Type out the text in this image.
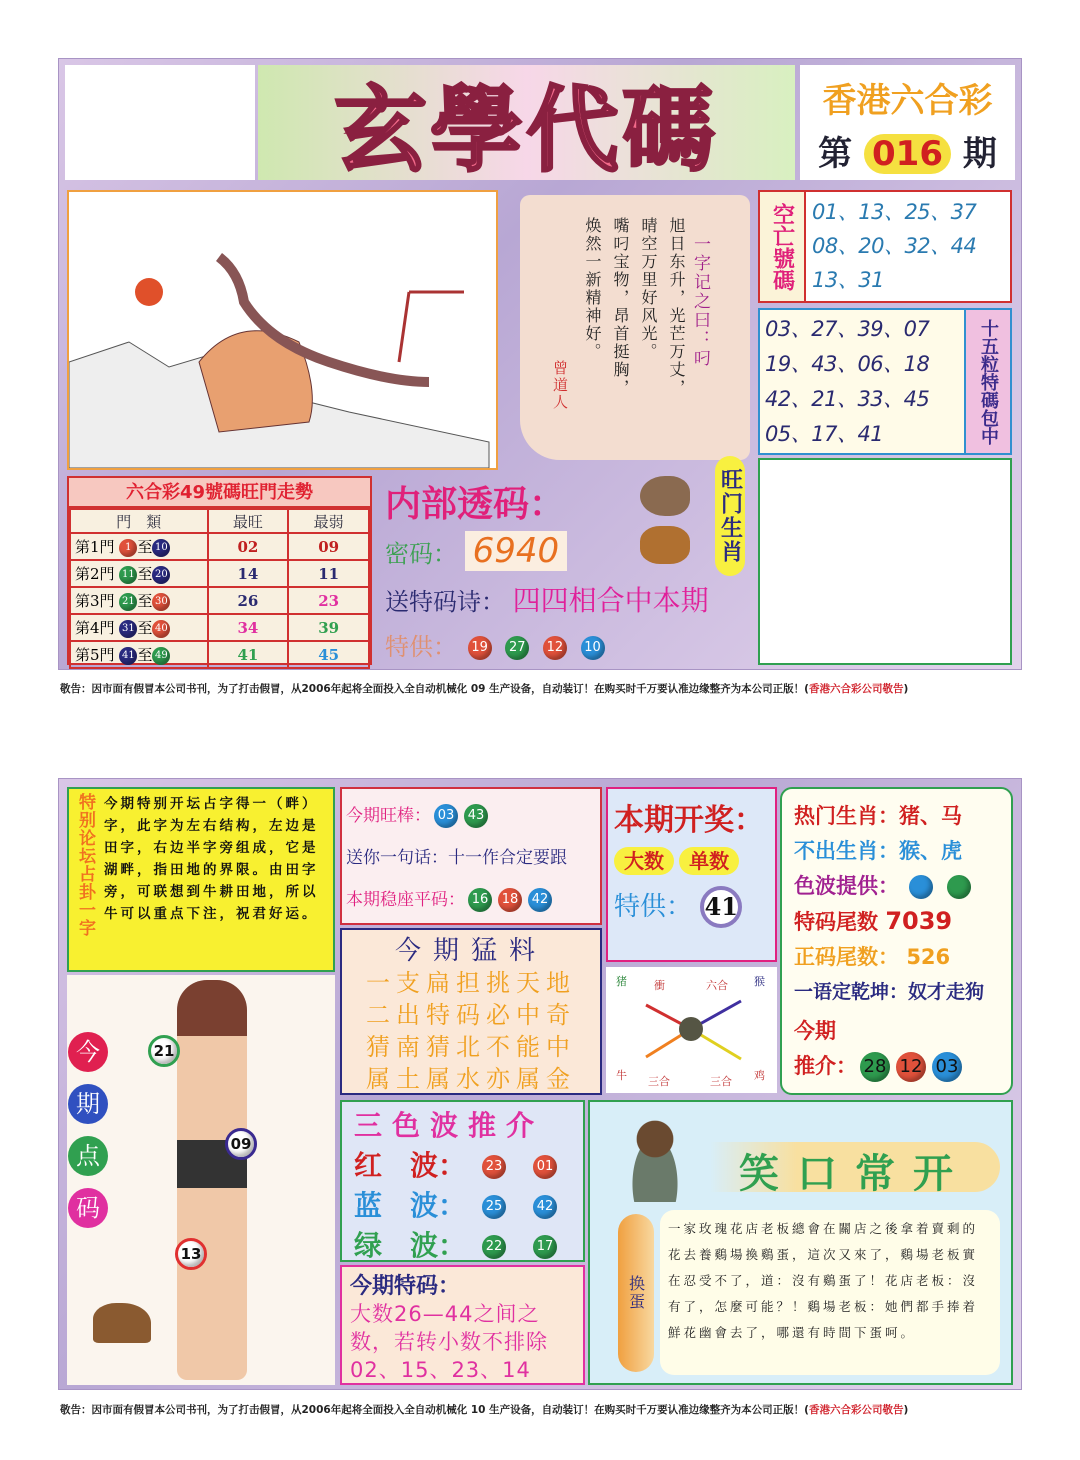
玄學代碼	香港六合彩
第 016 期
一字记之曰：叼
旭日东升，光芒万丈，
晴空万里好风光。
嘴叼宝物，昂首挺胸，
焕然一新精神好。
曾道人
空亡號碼 01、13、25、37
08、20、32、44
13、31
03、27、39、07
19、43、06、18
42、21、33、45
05、17、41	十五粒特碼包中
六合彩49號碼旺門走勢
門　類	最旺	最弱
第1門 1 至 10	02	09
第2門 11 至 20	14	11
第3門 21 至 30	26	23
第4門 31 至 40	34	39
第5門 41 至 49	41	45
内部透码：
密码： 6940
送特码诗： 四四相合中本期
特供： 19 27 12 10
旺门生肖
敬告：因市面有假冒本公司书刊，为了打击假冒，从2006年起将全面投入全自动机械化 09 生产设备，自动装订！在购买时千万要认准边缘整齐为本公司正版！(香港六合彩公司敬告)
特别论坛占卦一字 今期特别开坛占字得一（畔）字，此字为左右结构，左边是田字，右边半字旁组成，它是湖畔，指田地的界限。由田字旁，可联想到牛耕田地，所以牛可以重点下注，祝君好运。
今期旺棒： 03 43
送你一句话：十一作合定要跟
本期稳座平码： 16 18 42
今期猛料
一支扁担挑天地
二出特码必中奇
猜南猜北不能中
属土属水亦属金
本期开奖：
大数 单数
特供： 41
猪 衝	六合 猴
牛 三合	三合 鸡
热门生肖：猪、马
不出生肖：猴、虎
色波提供：
特码尾数 7039
正码尾数： 526
一语定乾坤：奴才走狗
今期
推介： 28 12 03
今
期
点
码
21
09
13
三色波推介
红　波： 23	01
蓝　波： 25	42
绿　波： 22	17
今期特码：
大数26—44之间之数，若转小数不排除02、15、23、14
笑口常开
换蛋
一家玫瑰花店老板總會在關店之後拿着賣剩的花去養鷄場換鷄蛋，這次又來了，鷄場老板實在忍受不了，道：沒有鷄蛋了！花店老板：沒有了，怎麼可能？！鷄場老板：她們都手捧着鮮花幽會去了，哪還有時間下蛋呵。
敬告：因市面有假冒本公司书刊，为了打击假冒，从2006年起将全面投入全自动机械化 10 生产设备，自动装订！在购买时千万要认准边缘整齐为本公司正版！(香港六合彩公司敬告)
